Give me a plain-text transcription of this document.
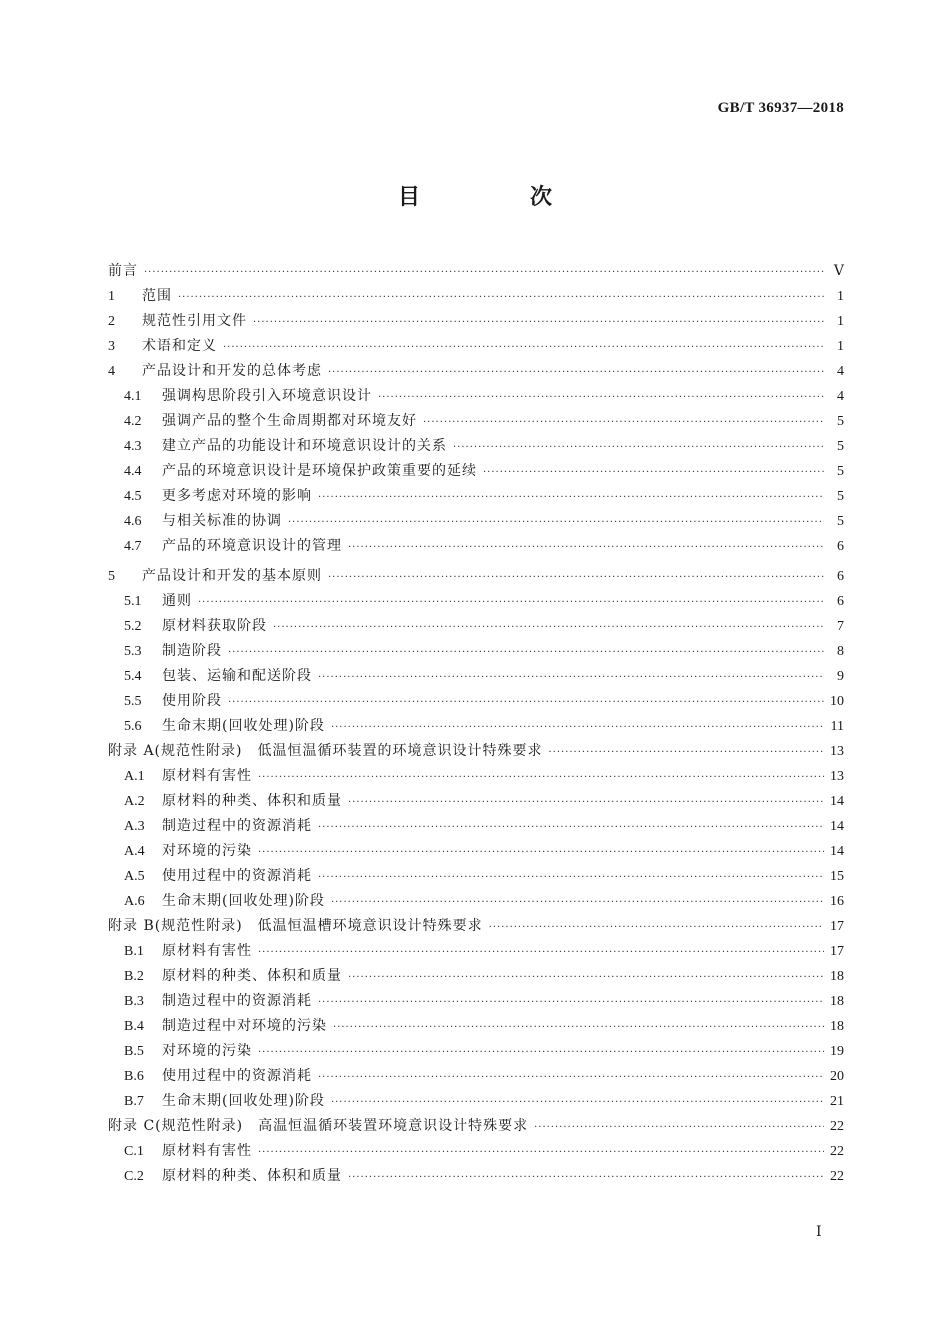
GB/T 36937—2018
目　次
前言 ·····	Ⅴ
1	范围 ·····	1
2	规范性引用文件 ·····	1
3	术语和定义 ·····	1
4	产品设计和开发的总体考虑 ·····	4
4.1	强调构思阶段引入环境意识设计 ·····	4
4.2	强调产品的整个生命周期都对环境友好 ·····	5
4.3	建立产品的功能设计和环境意识设计的关系 ·····	5
4.4	产品的环境意识设计是环境保护政策重要的延续 ·····	5
4.5	更多考虑对环境的影响 ·····	5
4.6	与相关标准的协调 ·····	5
4.7	产品的环境意识设计的管理 ·····	6
5	产品设计和开发的基本原则 ·····	6
5.1	通则 ·····	6
5.2	原材料获取阶段 ·····	7
5.3	制造阶段 ·····	8
5.4	包装、运输和配送阶段 ·····	9
5.5	使用阶段 ·····	10
5.6	生命末期(回收处理)阶段 ·····	11
附录 A(规范性附录)　低温恒温循环装置的环境意识设计特殊要求 ·····	13
A.1	原材料有害性 ·····	13
A.2	原材料的种类、体积和质量 ·····	14
A.3	制造过程中的资源消耗 ·····	14
A.4	对环境的污染 ·····	14
A.5	使用过程中的资源消耗 ·····	15
A.6	生命末期(回收处理)阶段 ·····	16
附录 B(规范性附录)　低温恒温槽环境意识设计特殊要求 ·····	17
B.1	原材料有害性 ·····	17
B.2	原材料的种类、体积和质量 ·····	18
B.3	制造过程中的资源消耗 ·····	18
B.4	制造过程中对环境的污染 ·····	18
B.5	对环境的污染 ·····	19
B.6	使用过程中的资源消耗 ·····	20
B.7	生命末期(回收处理)阶段 ·····	21
附录 C(规范性附录)　高温恒温循环装置环境意识设计特殊要求 ·····	22
C.1	原材料有害性 ·····	22
C.2	原材料的种类、体积和质量 ·····	22
Ⅰ
